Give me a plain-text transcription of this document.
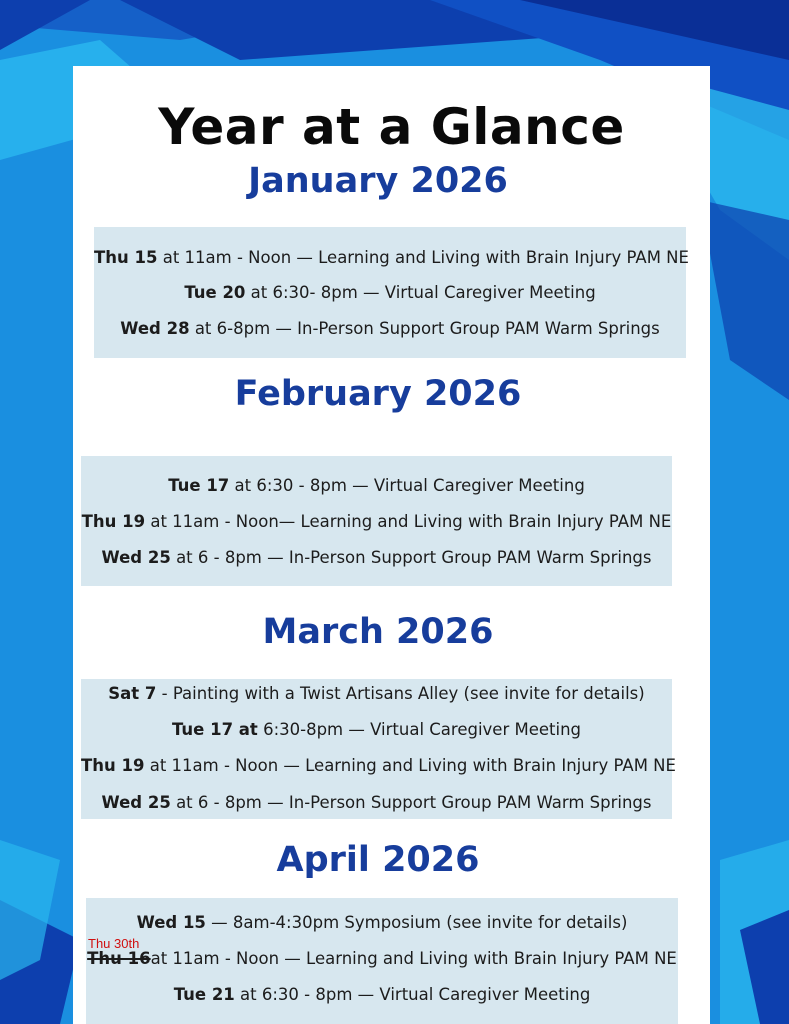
Year at a Glance
January 2026
Thu 15 at 11am - Noon — Learning and Living with Brain Injury PAM NE
Tue 20 at 6:30- 8pm — Virtual Caregiver Meeting
Wed 28 at 6-8pm — In-Person Support Group PAM Warm Springs
February 2026
Tue 17 at 6:30 - 8pm — Virtual Caregiver Meeting
Thu 19 at 11am - Noon— Learning and Living with Brain Injury PAM NE
Wed 25 at 6 - 8pm — In-Person Support Group PAM Warm Springs
March 2026
Sat 7 - Painting with a Twist Artisans Alley (see invite for details)
Tue 17 at 6:30-8pm — Virtual Caregiver Meeting
Thu 19 at 11am - Noon — Learning and Living with Brain Injury PAM NE
Wed 25 at 6 - 8pm — In-Person Support Group PAM Warm Springs
April 2026
Wed 15 — 8am-4:30pm Symposium (see invite for details)
Thu 16at 11am - Noon — Learning and Living with Brain Injury PAM NE
Tue 21 at 6:30 - 8pm — Virtual Caregiver Meeting
Thu 30th
